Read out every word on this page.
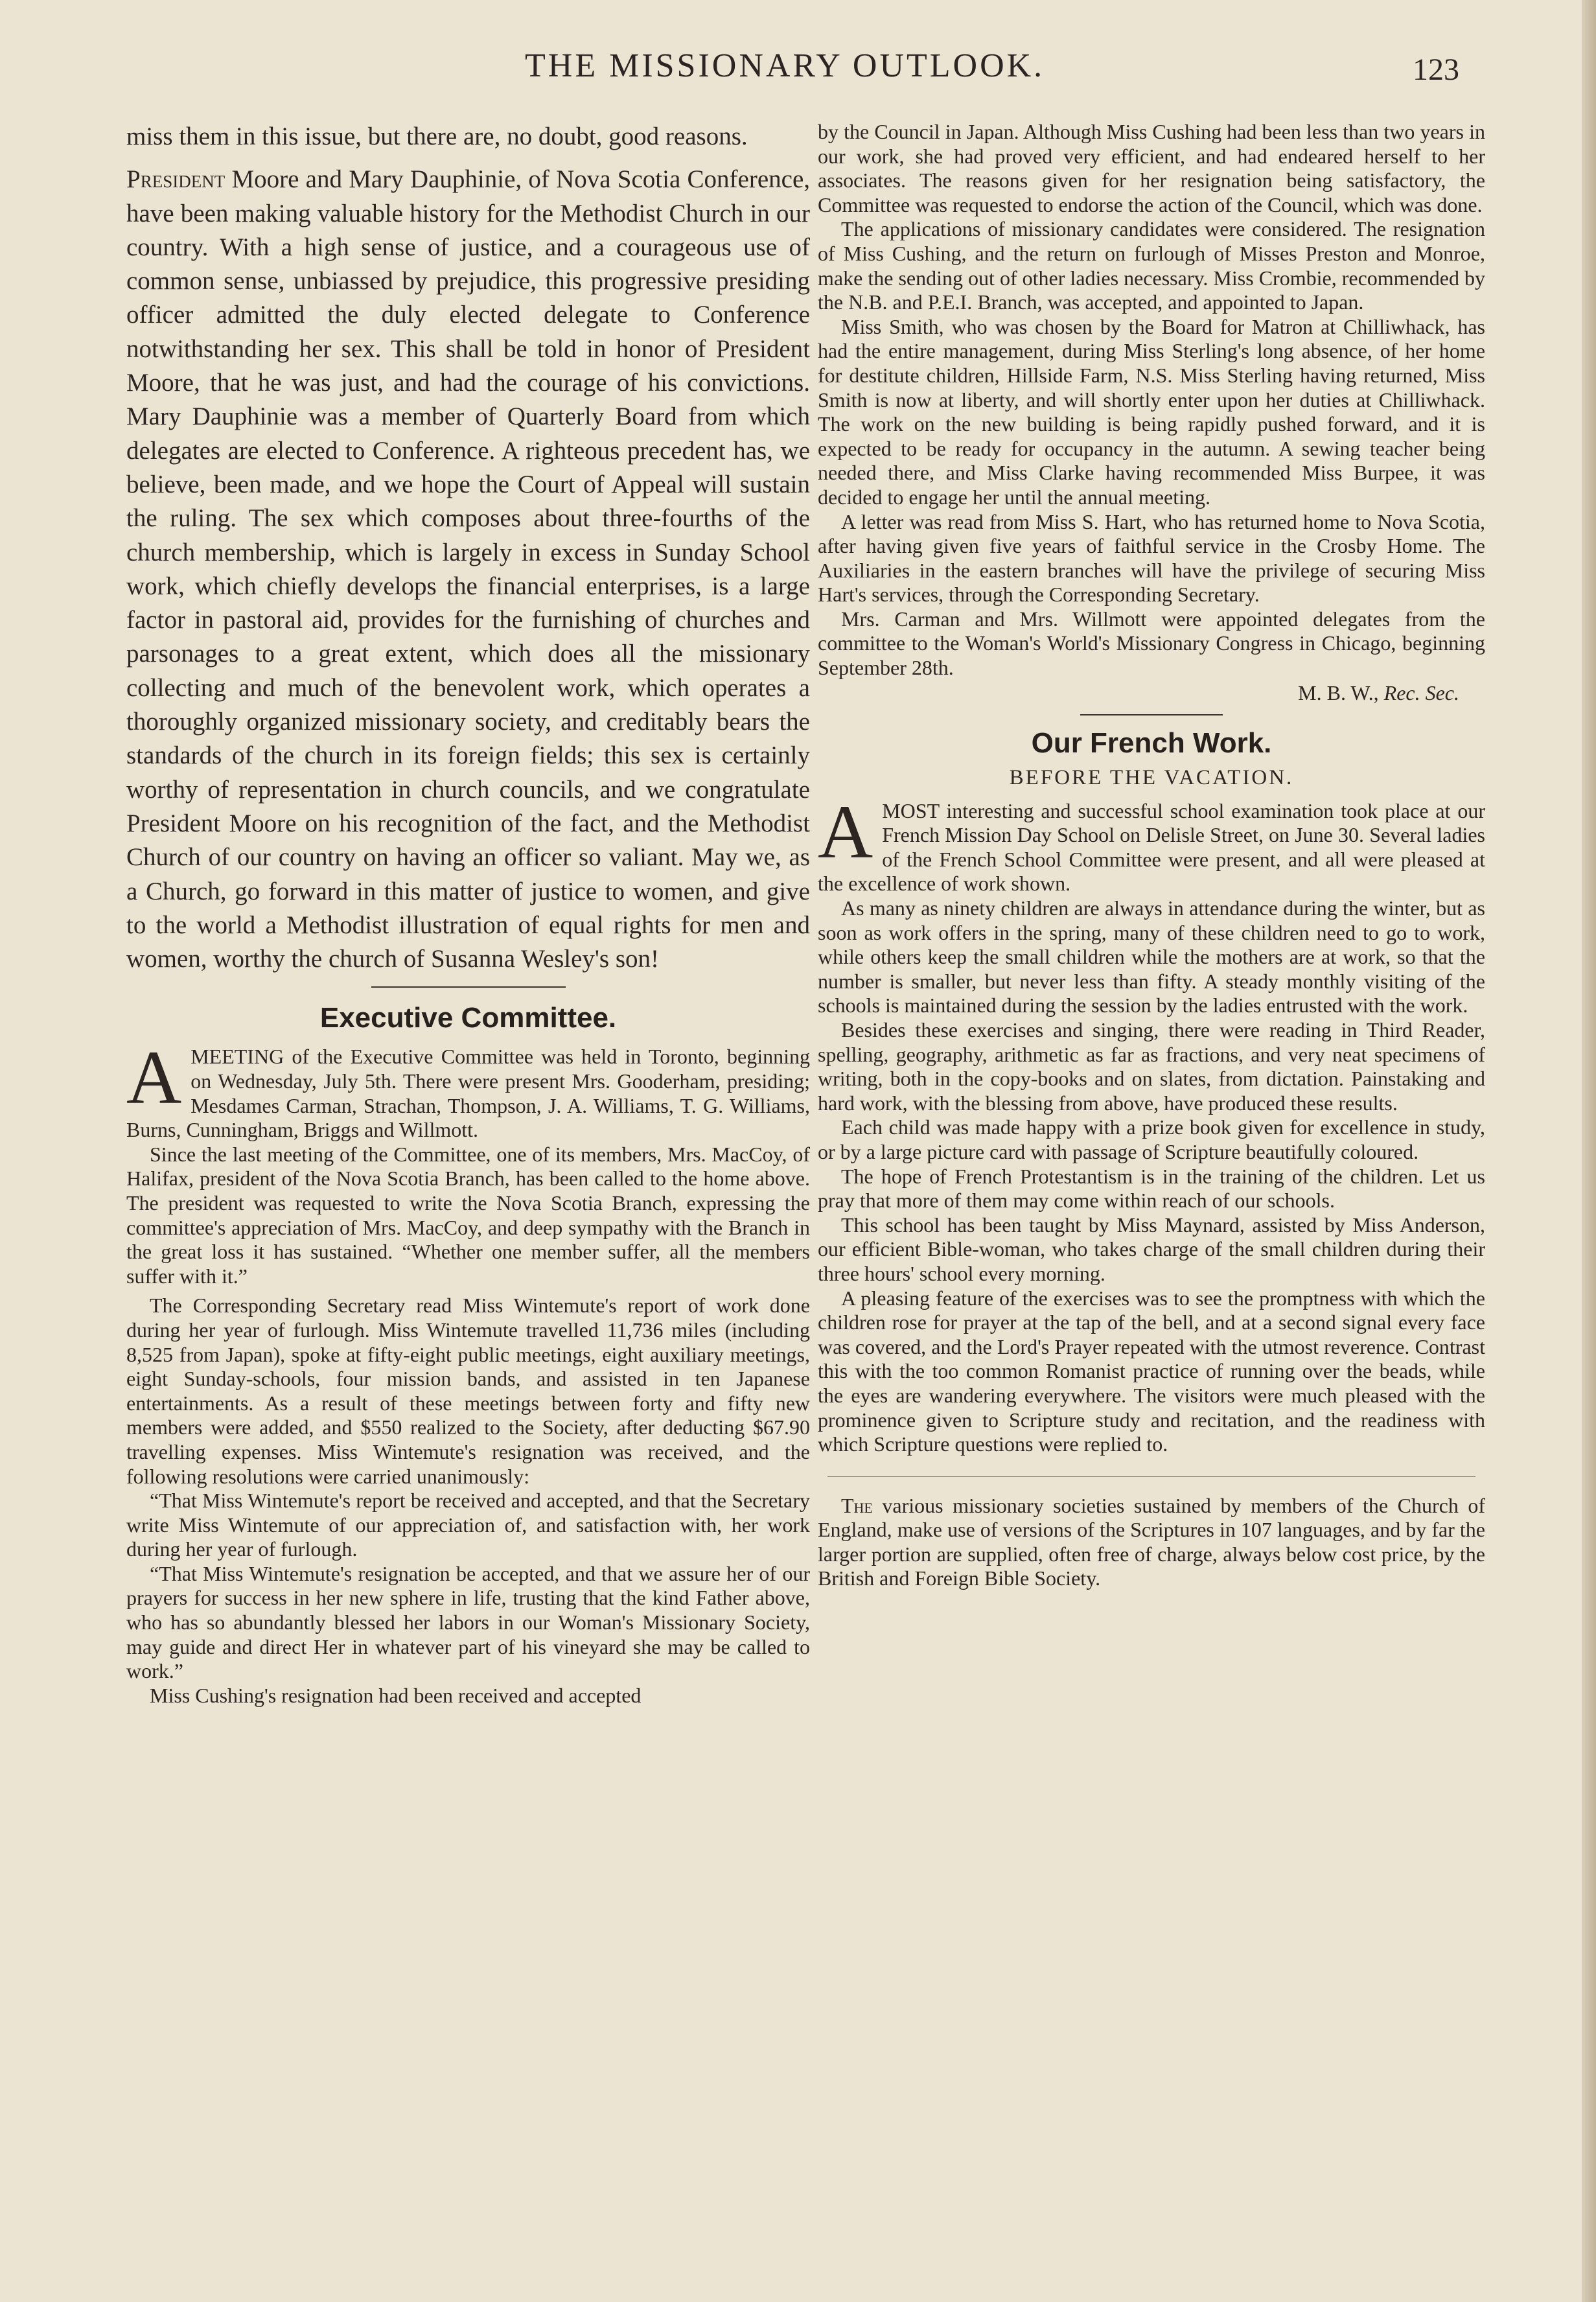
THE MISSIONARY OUTLOOK.	123

miss them in this issue, but there are, no doubt, good reasons.

President Moore and Mary Dauphinie, of Nova Scotia Conference, have been making valuable history for the Methodist Church in our country. With a high sense of justice, and a courageous use of common sense, unbiassed by prejudice, this progressive presiding officer admitted the duly elected delegate to Conference notwithstanding her sex. This shall be told in honor of President Moore, that he was just, and had the courage of his convictions. Mary Dauphinie was a member of Quarterly Board from which delegates are elected to Conference. A righteous precedent has, we believe, been made, and we hope the Court of Appeal will sustain the ruling. The sex which composes about three-fourths of the church membership, which is largely in excess in Sunday School work, which chiefly develops the financial enterprises, is a large factor in pastoral aid, provides for the furnishing of churches and parsonages to a great extent, which does all the missionary collecting and much of the benevolent work, which operates a thoroughly organized missionary society, and creditably bears the standards of the church in its foreign fields; this sex is certainly worthy of representation in church councils, and we congratulate President Moore on his recognition of the fact, and the Methodist Church of our country on having an officer so valiant. May we, as a Church, go forward in this matter of justice to women, and give to the world a Methodist illustration of equal rights for men and women, worthy the church of Susanna Wesley's son!

Executive Committee.

AMEETING of the Executive Committee was held in Toronto, beginning on Wednesday, July 5th. There were present Mrs. Gooderham, presiding; Mesdames Carman, Strachan, Thompson, J. A. Williams, T. G. Williams, Burns, Cunningham, Briggs and Willmott.

Since the last meeting of the Committee, one of its members, Mrs. MacCoy, of Halifax, president of the Nova Scotia Branch, has been called to the home above. The president was requested to write the Nova Scotia Branch, expressing the committee's appreciation of Mrs. MacCoy, and deep sympathy with the Branch in the great loss it has sustained. “Whether one member suffer, all the members suffer with it.”

The Corresponding Secretary read Miss Wintemute's report of work done during her year of furlough. Miss Wintemute travelled 11,736 miles (including 8,525 from Japan), spoke at fifty-eight public meetings, eight auxiliary meetings, eight Sunday-schools, four mission bands, and assisted in ten Japanese entertainments. As a result of these meetings between forty and fifty new members were added, and $550 realized to the Society, after deducting $67.90 travelling expenses. Miss Wintemute's resignation was received, and the following resolutions were carried unanimously:

“That Miss Wintemute's report be received and accepted, and that the Secretary write Miss Wintemute of our appreciation of, and satisfaction with, her work during her year of furlough.

“That Miss Wintemute's resignation be accepted, and that we assure her of our prayers for success in her new sphere in life, trusting that the kind Father above, who has so abundantly blessed her labors in our Woman's Missionary Society, may guide and direct Her in whatever part of his vineyard she may be called to work.”

Miss Cushing's resignation had been received and accepted

by the Council in Japan. Although Miss Cushing had been less than two years in our work, she had proved very efficient, and had endeared herself to her associates. The reasons given for her resignation being satisfactory, the Committee was requested to endorse the action of the Council, which was done.

The applications of missionary candidates were considered. The resignation of Miss Cushing, and the return on furlough of Misses Preston and Monroe, make the sending out of other ladies necessary. Miss Crombie, recommended by the N.B. and P.E.I. Branch, was accepted, and appointed to Japan.

Miss Smith, who was chosen by the Board for Matron at Chilliwhack, has had the entire management, during Miss Sterling's long absence, of her home for destitute children, Hillside Farm, N.S. Miss Sterling having returned, Miss Smith is now at liberty, and will shortly enter upon her duties at Chilliwhack. The work on the new building is being rapidly pushed forward, and it is expected to be ready for occupancy in the autumn. A sewing teacher being needed there, and Miss Clarke having recommended Miss Burpee, it was decided to engage her until the annual meeting.

A letter was read from Miss S. Hart, who has returned home to Nova Scotia, after having given five years of faithful service in the Crosby Home. The Auxiliaries in the eastern branches will have the privilege of securing Miss Hart's services, through the Corresponding Secretary.

Mrs. Carman and Mrs. Willmott were appointed delegates from the committee to the Woman's World's Missionary Congress in Chicago, beginning September 28th.

M. B. W., Rec. Sec.

Our French Work.

BEFORE THE VACATION.

AMOST interesting and successful school examination took place at our French Mission Day School on Delisle Street, on June 30. Several ladies of the French School Committee were present, and all were pleased at the excellence of work shown.

As many as ninety children are always in attendance during the winter, but as soon as work offers in the spring, many of these children need to go to work, while others keep the small children while the mothers are at work, so that the number is smaller, but never less than fifty. A steady monthly visiting of the schools is maintained during the session by the ladies entrusted with the work.

Besides these exercises and singing, there were reading in Third Reader, spelling, geography, arithmetic as far as fractions, and very neat specimens of writing, both in the copy-books and on slates, from dictation. Painstaking and hard work, with the blessing from above, have produced these results.

Each child was made happy with a prize book given for excellence in study, or by a large picture card with passage of Scripture beautifully coloured.

The hope of French Protestantism is in the training of the children. Let us pray that more of them may come within reach of our schools.

This school has been taught by Miss Maynard, assisted by Miss Anderson, our efficient Bible-woman, who takes charge of the small children during their three hours' school every morning.

A pleasing feature of the exercises was to see the promptness with which the children rose for prayer at the tap of the bell, and at a second signal every face was covered, and the Lord's Prayer repeated with the utmost reverence. Contrast this with the too common Romanist practice of running over the beads, while the eyes are wandering everywhere. The visitors were much pleased with the prominence given to Scripture study and recitation, and the readiness with which Scripture questions were replied to.

The various missionary societies sustained by members of the Church of England, make use of versions of the Scriptures in 107 languages, and by far the larger portion are supplied, often free of charge, always below cost price, by the British and Foreign Bible Society.
